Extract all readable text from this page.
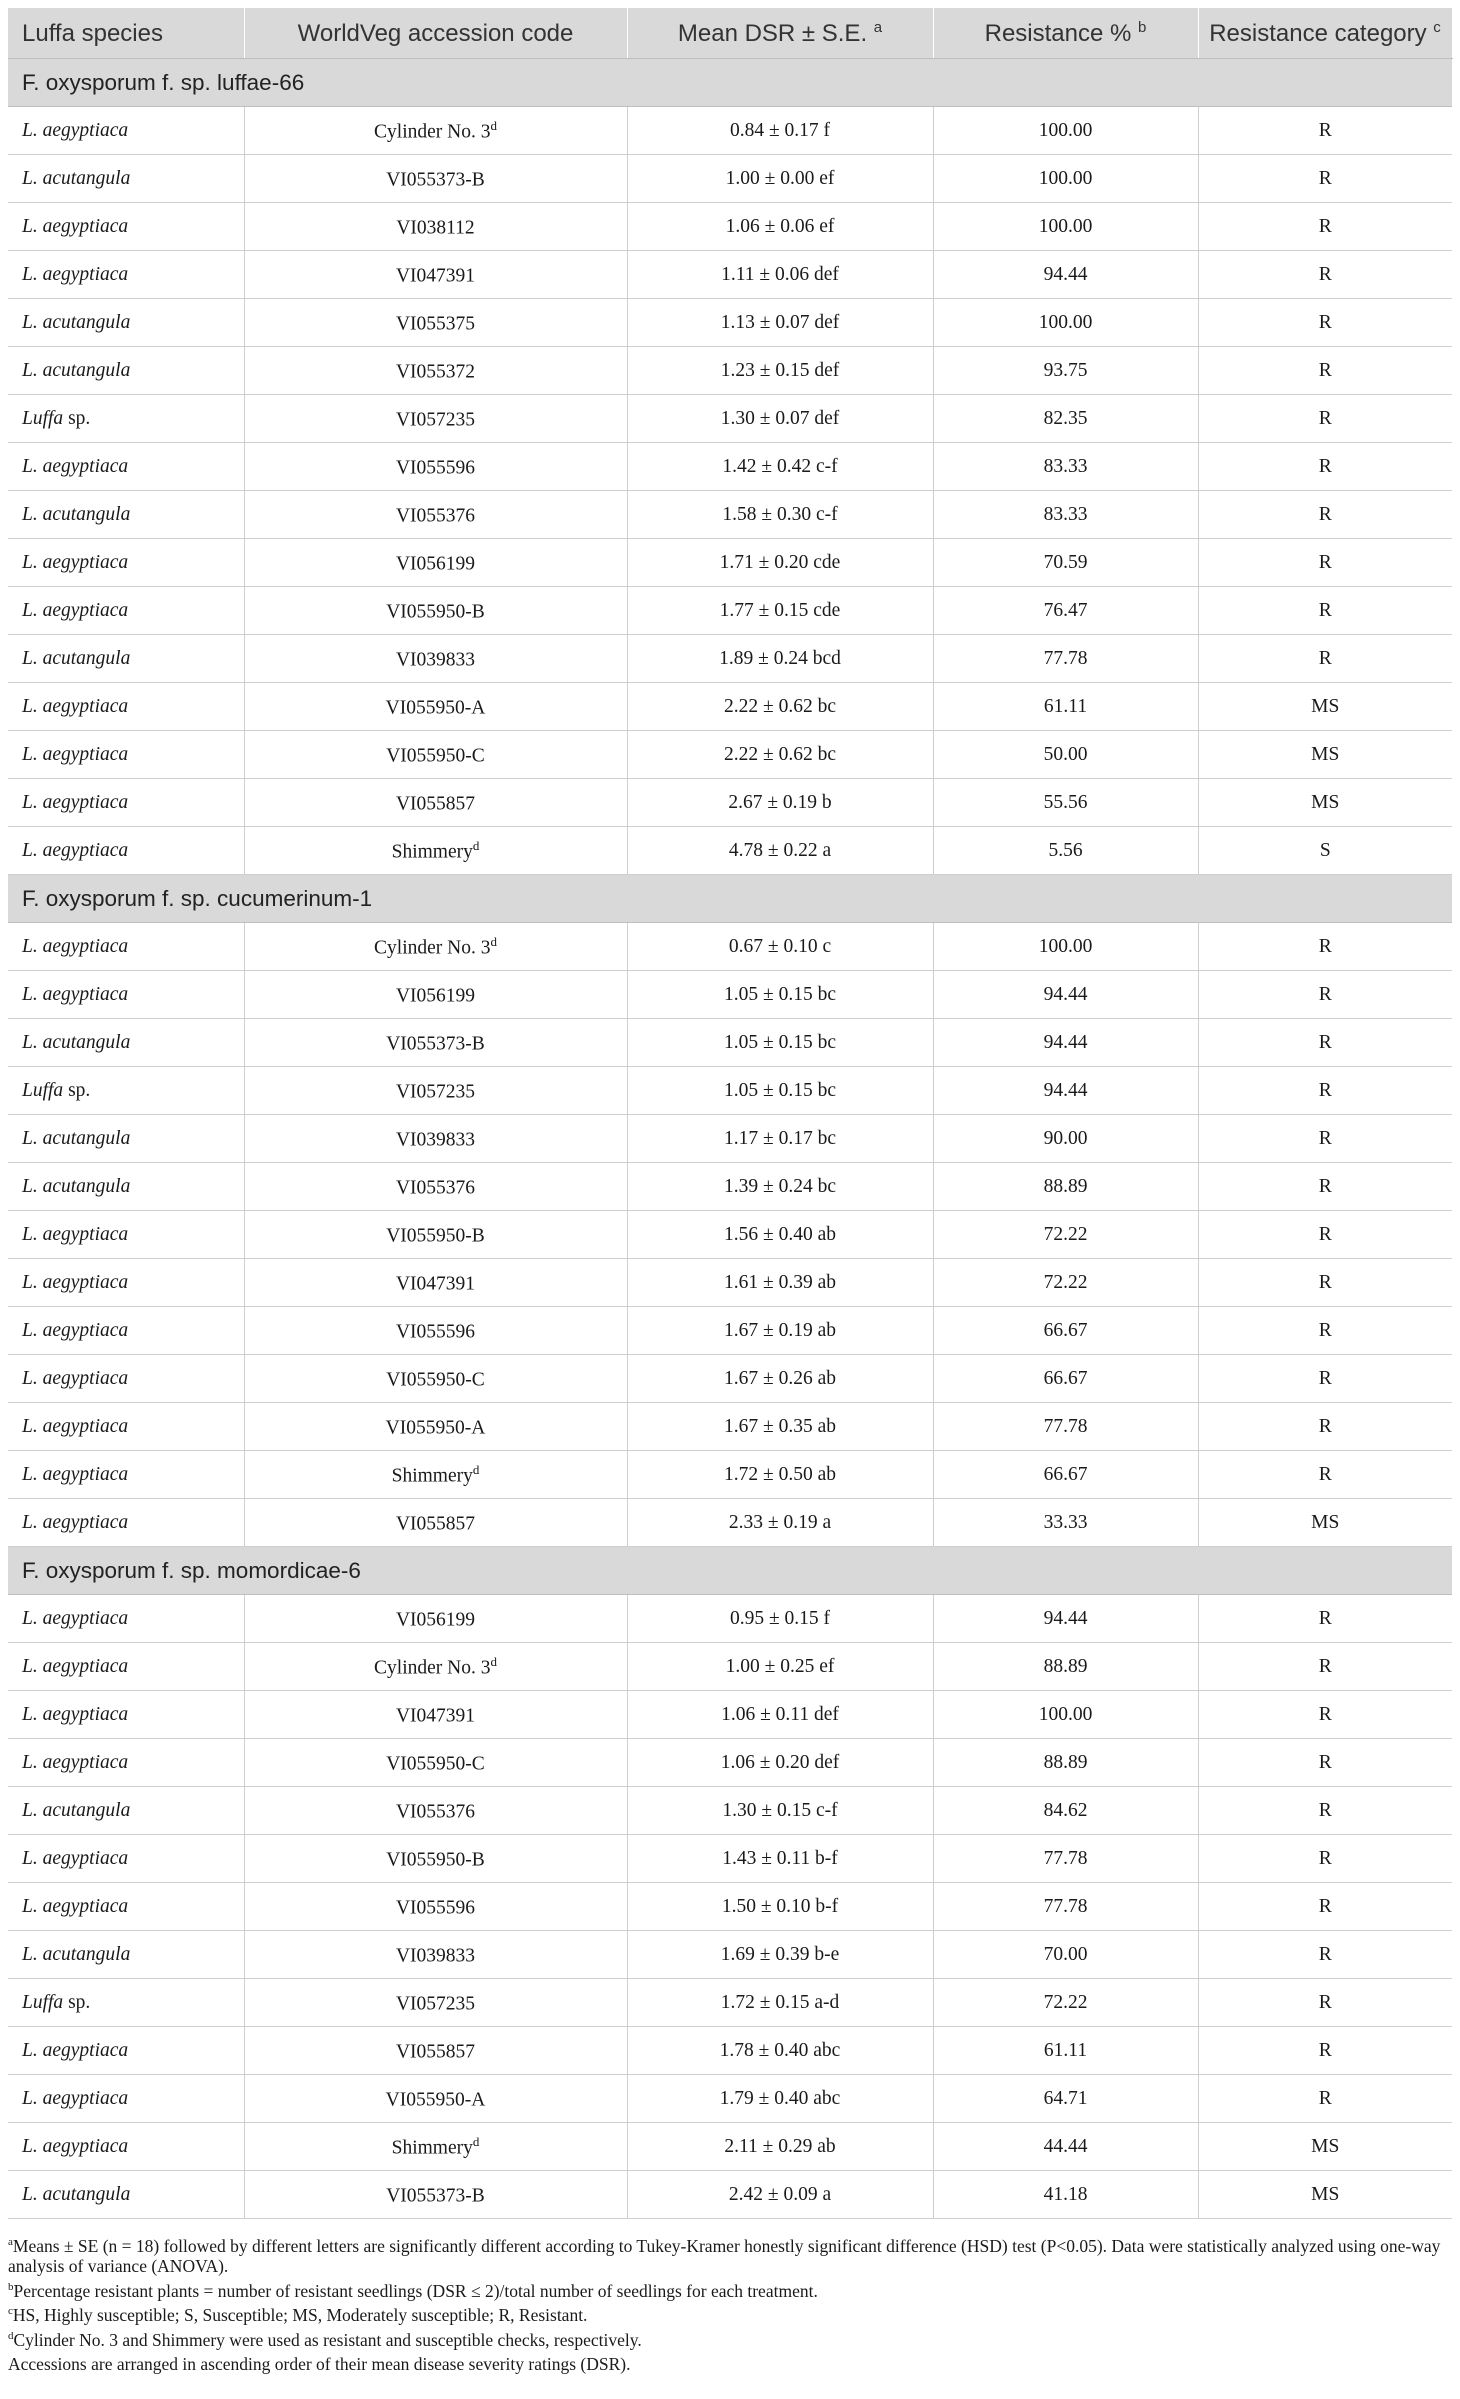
Luffa species	WorldVeg accession code	Mean DSR ± S.E. $^a$	Resistance % $^b$	Resistance category $^c$
F. oxysporum f. sp. luffae-66				
L. aegyptiaca	Cylinder No. 3$^d$	0.84 ± 0.17 f	100.00	R
L. acutangula	VI055373-B	1.00 ± 0.00 ef	100.00	R
L. aegyptiaca	VI038112	1.06 ± 0.06 ef	100.00	R
L. aegyptiaca	VI047391	1.11 ± 0.06 def	94.44	R
L. acutangula	VI055375	1.13 ± 0.07 def	100.00	R
L. acutangula	VI055372	1.23 ± 0.15 def	93.75	R
Luffa sp.	VI057235	1.30 ± 0.07 def	82.35	R
L. aegyptiaca	VI055596	1.42 ± 0.42 c-f	83.33	R
L. acutangula	VI055376	1.58 ± 0.30 c-f	83.33	R
L. aegyptiaca	VI056199	1.71 ± 0.20 cde	70.59	R
L. aegyptiaca	VI055950-B	1.77 ± 0.15 cde	76.47	R
L. acutangula	VI039833	1.89 ± 0.24 bcd	77.78	R
L. aegyptiaca	VI055950-A	2.22 ± 0.62 bc	61.11	MS
L. aegyptiaca	VI055950-C	2.22 ± 0.62 bc	50.00	MS
L. aegyptiaca	VI055857	2.67 ± 0.19 b	55.56	MS
L. aegyptiaca	Shimmery$^d$	4.78 ± 0.22 a	5.56	S
F. oxysporum f. sp. cucumerinum-1				
L. aegyptiaca	Cylinder No. 3$^d$	0.67 ± 0.10 c	100.00	R
L. aegyptiaca	VI056199	1.05 ± 0.15 bc	94.44	R
L. acutangula	VI055373-B	1.05 ± 0.15 bc	94.44	R
Luffa sp.	VI057235	1.05 ± 0.15 bc	94.44	R
L. acutangula	VI039833	1.17 ± 0.17 bc	90.00	R
L. acutangula	VI055376	1.39 ± 0.24 bc	88.89	R
L. aegyptiaca	VI055950-B	1.56 ± 0.40 ab	72.22	R
L. aegyptiaca	VI047391	1.61 ± 0.39 ab	72.22	R
L. aegyptiaca	VI055596	1.67 ± 0.19 ab	66.67	R
L. aegyptiaca	VI055950-C	1.67 ± 0.26 ab	66.67	R
L. aegyptiaca	VI055950-A	1.67 ± 0.35 ab	77.78	R
L. aegyptiaca	Shimmery$^d$	1.72 ± 0.50 ab	66.67	R
L. aegyptiaca	VI055857	2.33 ± 0.19 a	33.33	MS
F. oxysporum f. sp. momordicae-6				
L. aegyptiaca	VI056199	0.95 ± 0.15 f	94.44	R
L. aegyptiaca	Cylinder No. 3$^d$	1.00 ± 0.25 ef	88.89	R
L. aegyptiaca	VI047391	1.06 ± 0.11 def	100.00	R
L. aegyptiaca	VI055950-C	1.06 ± 0.20 def	88.89	R
L. acutangula	VI055376	1.30 ± 0.15 c-f	84.62	R
L. aegyptiaca	VI055950-B	1.43 ± 0.11 b-f	77.78	R
L. aegyptiaca	VI055596	1.50 ± 0.10 b-f	77.78	R
L. acutangula	VI039833	1.69 ± 0.39 b-e	70.00	R
Luffa sp.	VI057235	1.72 ± 0.15 a-d	72.22	R
L. aegyptiaca	VI055857	1.78 ± 0.40 abc	61.11	R
L. aegyptiaca	VI055950-A	1.79 ± 0.40 abc	64.71	R
L. aegyptiaca	Shimmery$^d$	2.11 ± 0.29 ab	44.44	MS
L. acutangula	VI055373-B	2.42 ± 0.09 a	41.18	MS

$^a$Means ± SE (n = 18) followed by different letters are significantly different according to Tukey-Kramer honestly significant difference (HSD) test (P<0.05). Data were statistically analyzed using one-way analysis of variance (ANOVA).

$^b$Percentage resistant plants = number of resistant seedlings (DSR ≤ 2)/total number of seedlings for each treatment.

$^c$HS, Highly susceptible; S, Susceptible; MS, Moderately susceptible; R, Resistant.

$^d$Cylinder No. 3 and Shimmery were used as resistant and susceptible checks, respectively.

Accessions are arranged in ascending order of their mean disease severity ratings (DSR).
